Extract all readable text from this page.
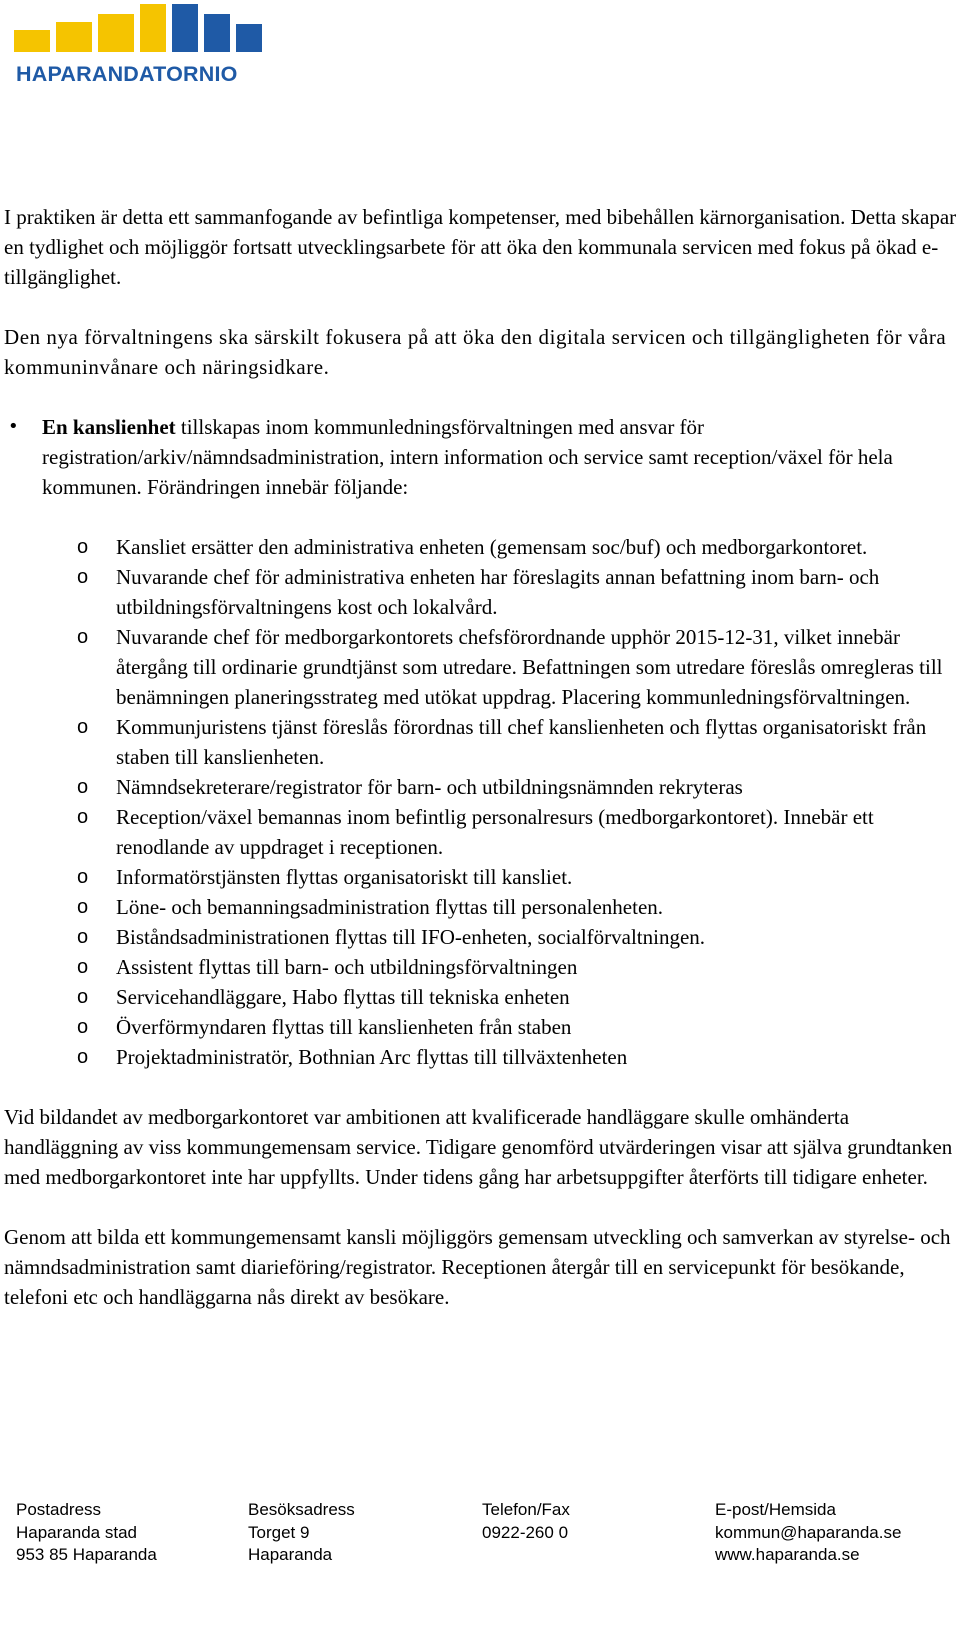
HAPARANDATORNIO

I praktiken är detta ett sammanfogande av befintliga kompetenser, med bibehållen kärnorganisation. Detta skapar en tydlighet och möjliggör fortsatt utvecklingsarbete för att öka den kommunala servicen med fokus på ökad e-tillgänglighet.

Den nya förvaltningens ska särskilt fokusera på att öka den digitala servicen och tillgängligheten för våra kommuninvånare och näringsidkare.

• En kanslienhet tillskapas inom kommunledningsförvaltningen med ansvar för registration/arkiv/nämndsadministration, intern information och service samt reception/växel för hela kommunen. Förändringen innebär följande:

o Kansliet ersätter den administrativa enheten (gemensam soc/buf) och medborgarkontoret.
o Nuvarande chef för administrativa enheten har föreslagits annan befattning inom barn- och utbildningsförvaltningens kost och lokalvård.
o Nuvarande chef för medborgarkontorets chefsförordnande upphör 2015-12-31, vilket innebär återgång till ordinarie grundtjänst som utredare. Befattningen som utredare föreslås omregleras till benämningen planeringsstrateg med utökat uppdrag. Placering kommunledningsförvaltningen.
o Kommunjuristens tjänst föreslås förordnas till chef kanslienheten och flyttas organisatoriskt från staben till kanslienheten.
o Nämndsekreterare/registrator för barn- och utbildningsnämnden rekryteras
o Reception/växel bemannas inom befintlig personalresurs (medborgarkontoret). Innebär ett renodlande av uppdraget i receptionen.
o Informatörstjänsten flyttas organisatoriskt till kansliet.
o Löne- och bemanningsadministration flyttas till personalenheten.
o Biståndsadministrationen flyttas till IFO-enheten, socialförvaltningen.
o Assistent flyttas till barn- och utbildningsförvaltningen
o Servicehandläggare, Habo flyttas till tekniska enheten
o Överförmyndaren flyttas till kanslienheten från staben
o Projektadministratör, Bothnian Arc flyttas till tillväxtenheten

Vid bildandet av medborgarkontoret var ambitionen att kvalificerade handläggare skulle omhänderta handläggning av viss kommungemensam service. Tidigare genomförd utvärderingen visar att själva grundtanken med medborgarkontoret inte har uppfyllts. Under tidens gång har arbetsuppgifter återförts till tidigare enheter.

Genom att bilda ett kommungemensamt kansli möjliggörs gemensam utveckling och samverkan av styrelse- och nämndsadministration samt diarieföring/registrator. Receptionen återgår till en servicepunkt för besökande, telefoni etc och handläggarna nås direkt av besökare.

Postadress
Haparanda stad
953 85 Haparanda
Besöksadress
Torget 9
Haparanda
Telefon/Fax
0922-260 0
E-post/Hemsida
kommun@haparanda.se
www.haparanda.se
